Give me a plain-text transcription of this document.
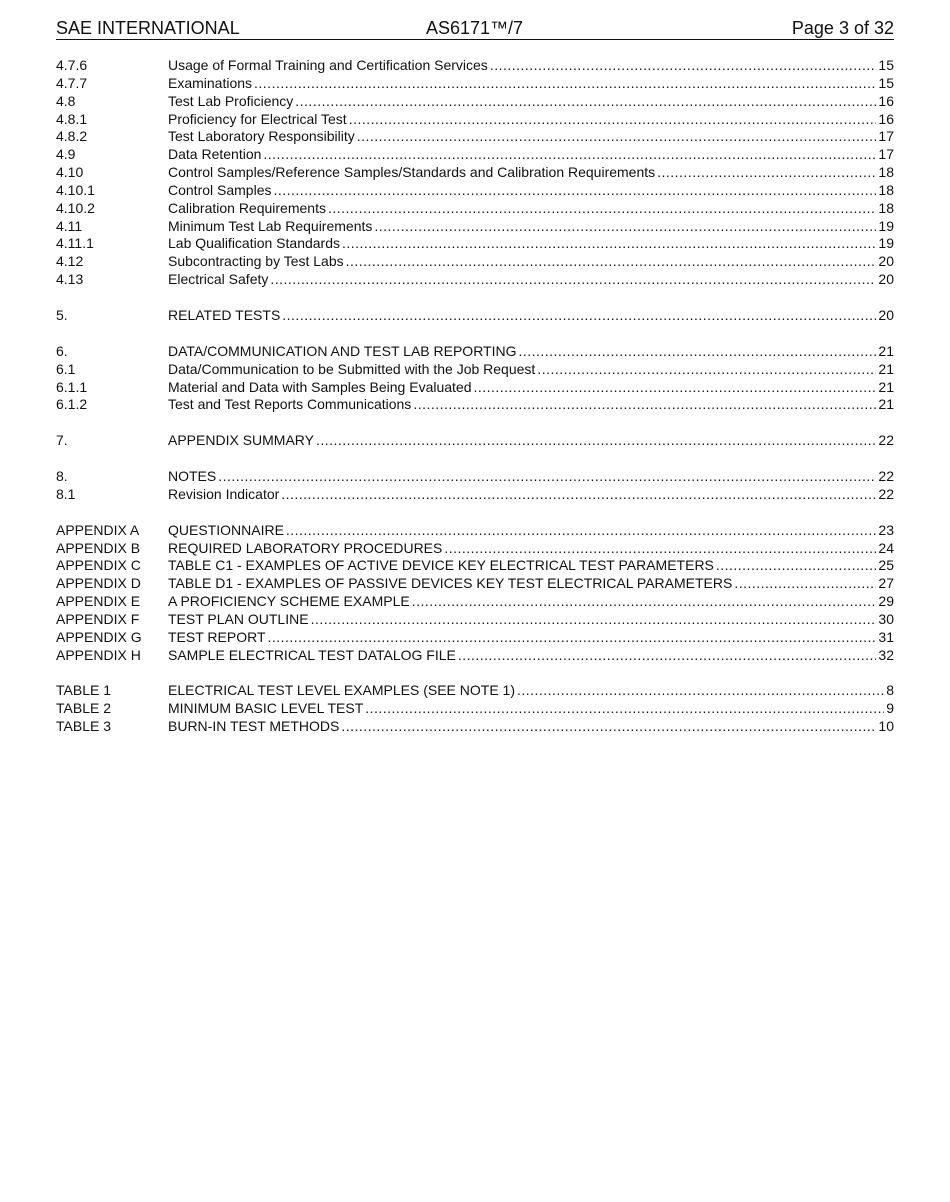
SAE INTERNATIONAL	AS6171™/7	Page 3 of 32
4.7.6	Usage of Formal Training and Certification Services . . .	15
4.7.7	Examinations . . .	15
4.8	Test Lab Proficiency . . .	16
4.8.1	Proficiency for Electrical Test . . .	16
4.8.2	Test Laboratory Responsibility . . .	17
4.9	Data Retention . . .	17
4.10	Control Samples/Reference Samples/Standards and Calibration Requirements . . .	18
4.10.1	Control Samples . . .	18
4.10.2	Calibration Requirements . . .	18
4.11	Minimum Test Lab Requirements . . .	19
4.11.1	Lab Qualification Standards . . .	19
4.12	Subcontracting by Test Labs . . .	20
4.13	Electrical Safety . . .	20
5.	RELATED TESTS . . .	20
6.	DATA/COMMUNICATION AND TEST LAB REPORTING . . .	21
6.1	Data/Communication to be Submitted with the Job Request . . .	21
6.1.1	Material and Data with Samples Being Evaluated . . .	21
6.1.2	Test and Test Reports Communications . . .	21
7.	APPENDIX SUMMARY . . .	22
8.	NOTES . . .	22
8.1	Revision Indicator . . .	22
APPENDIX A	QUESTIONNAIRE . . .	23
APPENDIX B	REQUIRED LABORATORY PROCEDURES . . .	24
APPENDIX C	TABLE C1 - EXAMPLES OF ACTIVE DEVICE KEY ELECTRICAL TEST PARAMETERS . . .	25
APPENDIX D	TABLE D1 - EXAMPLES OF PASSIVE DEVICES KEY TEST ELECTRICAL PARAMETERS . . .	27
APPENDIX E	A PROFICIENCY SCHEME EXAMPLE . . .	29
APPENDIX F	TEST PLAN OUTLINE . . .	30
APPENDIX G	TEST REPORT . . .	31
APPENDIX H	SAMPLE ELECTRICAL TEST DATALOG FILE . . .	32
TABLE 1	ELECTRICAL TEST LEVEL EXAMPLES (SEE NOTE 1) . . .	8
TABLE 2	MINIMUM BASIC LEVEL TEST . . .	9
TABLE 3	BURN-IN TEST METHODS . . .	10
